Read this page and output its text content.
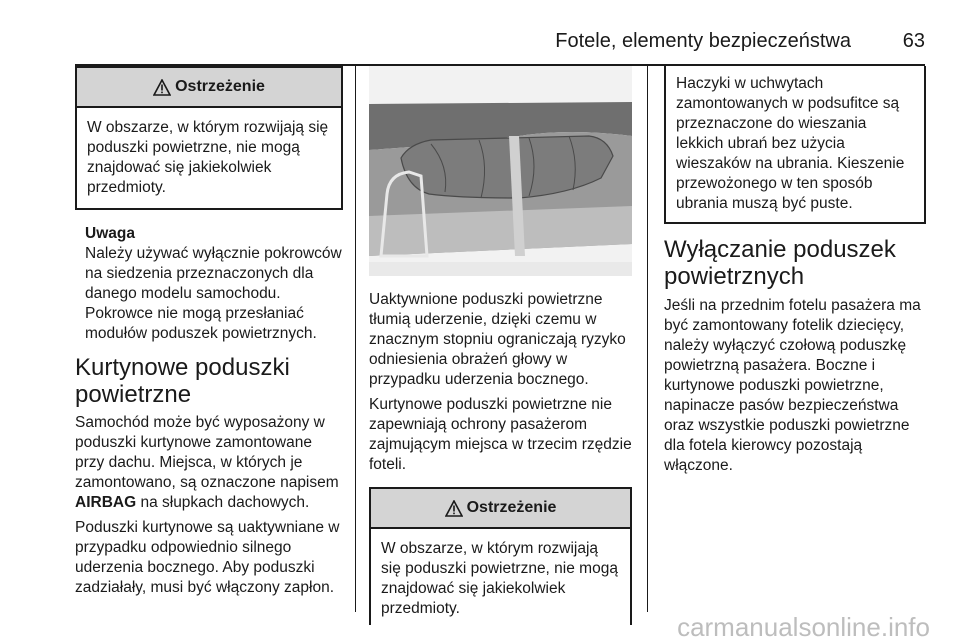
Fotele, elementy bezpieczeństwa	63
Ostrzeżenie
W obszarze, w którym rozwijają się poduszki powietrzne, nie mogą znajdować się jakiekolwiek przedmioty.
Uwaga
Należy używać wyłącznie pokrowców na siedzenia przeznaczonych dla danego modelu samochodu. Pokrowce nie mogą przesłaniać modułów poduszek powietrznych.
Kurtynowe poduszki powietrzne
Samochód może być wyposażony w poduszki kurtynowe zamontowane przy dachu. Miejsca, w których je zamontowano, są oznaczone napisem AIRBAG na słupkach dachowych.
Poduszki kurtynowe są uaktywniane w przypadku odpowiednio silnego uderzenia bocznego. Aby poduszki zadziałały, musi być włączony zapłon.
Uaktywnione poduszki powietrzne tłumią uderzenie, dzięki czemu w znacznym stopniu ograniczają ryzyko odniesienia obrażeń głowy w przypadku uderzenia bocznego.
Kurtynowe poduszki powietrzne nie zapewniają ochrony pasażerom zajmującym miejsca w trzecim rzędzie foteli.
Ostrzeżenie
W obszarze, w którym rozwijają się poduszki powietrzne, nie mogą znajdować się jakiekolwiek przedmioty.
Haczyki w uchwytach zamontowanych w podsufitce są przeznaczone do wieszania lekkich ubrań bez użycia wieszaków na ubrania. Kieszenie przewożonego w ten sposób ubrania muszą być puste.
Wyłączanie poduszek powietrznych
Jeśli na przednim fotelu pasażera ma być zamontowany fotelik dziecięcy, należy wyłączyć czołową poduszkę powietrzną pasażera. Boczne i kurtynowe poduszki powietrzne, napinacze pasów bezpieczeństwa oraz wszystkie poduszki powietrzne dla fotela kierowcy pozostają włączone.
carmanualsonline.info
